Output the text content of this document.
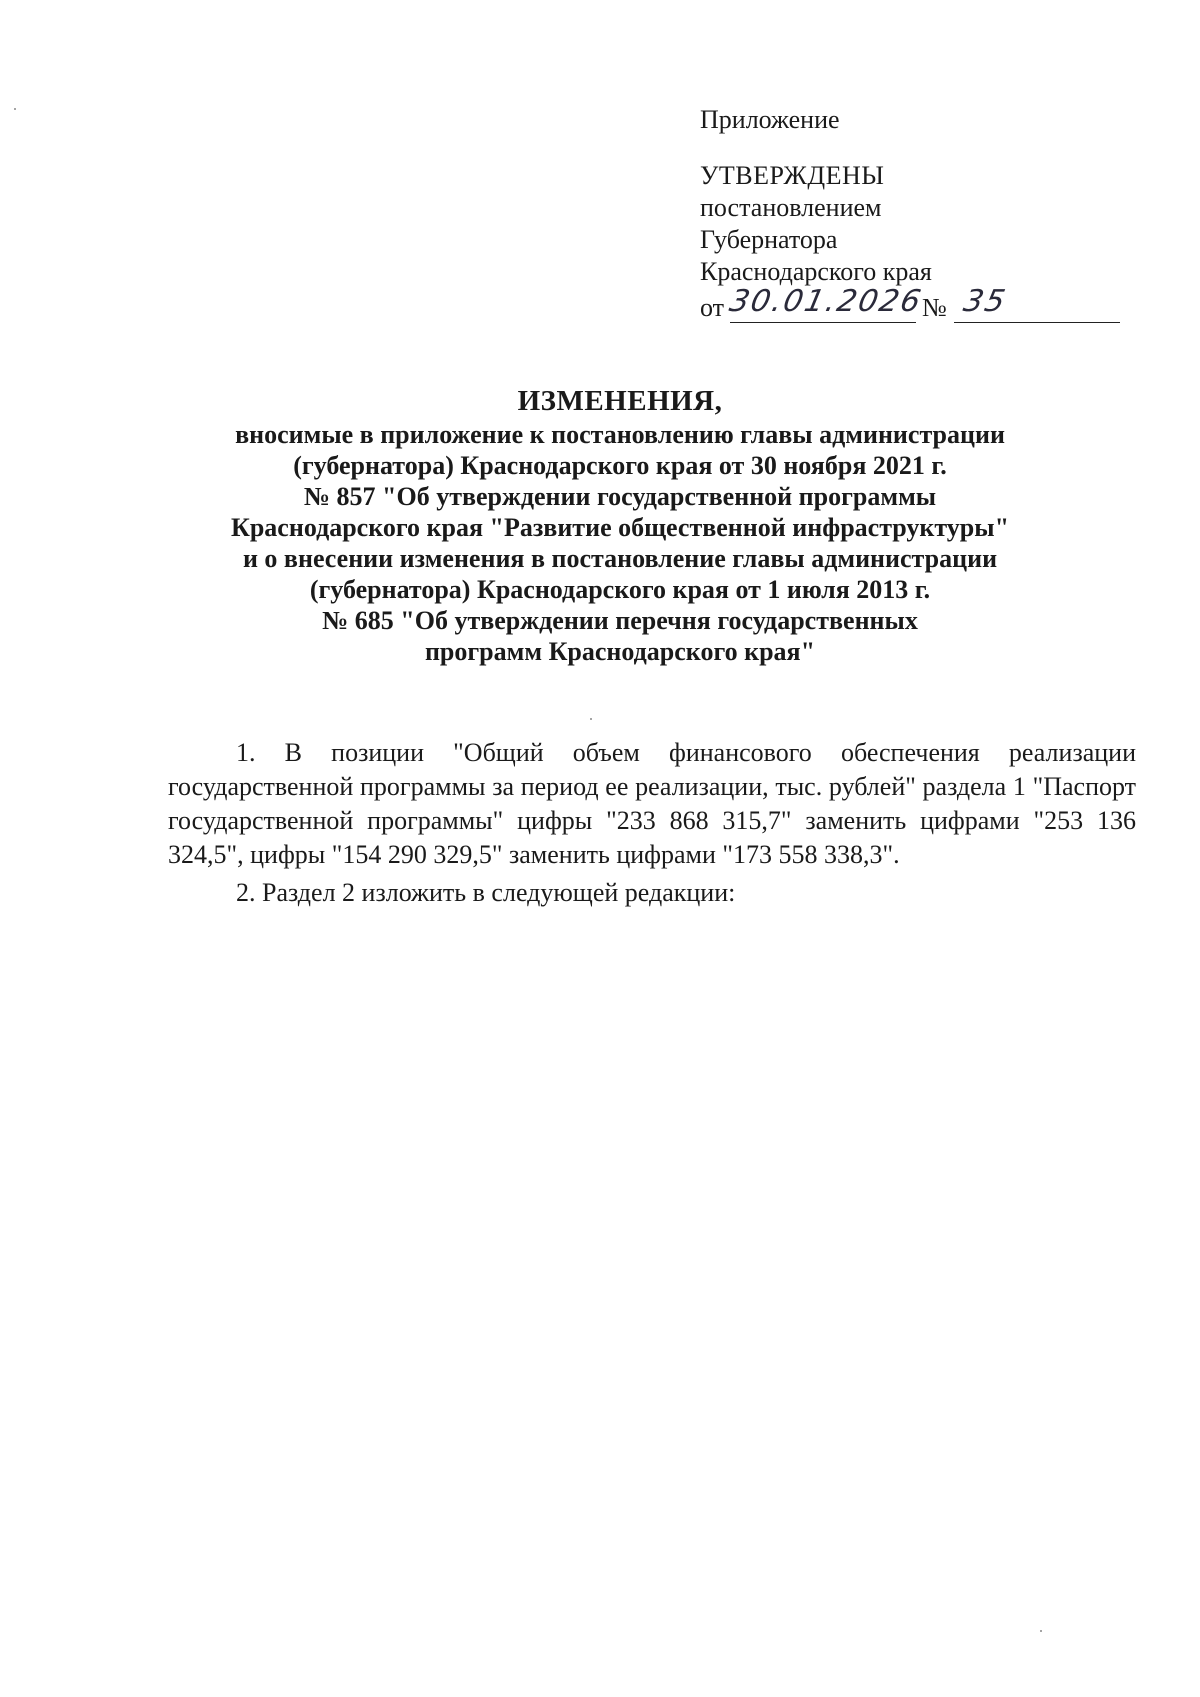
Приложение
УТВЕРЖДЕНЫ
постановлением
Губернатора
Краснодарского края
от 30.01.2026
№ 35
ИЗМЕНЕНИЯ,
вносимые в приложение к постановлению главы администрации
(губернатора) Краснодарского края от 30 ноября 2021 г.
№ 857 "Об утверждении государственной программы
Краснодарского края "Развитие общественной инфраструктуры"
и о внесении изменения в постановление главы администрации
(губернатора) Краснодарского края от 1 июля 2013 г.
№ 685 "Об утверждении перечня государственных
программ Краснодарского края"

1. В позиции "Общий объем финансового обеспечения реализации государственной программы за период ее реализации, тыс. рублей" раздела 1 "Паспорт государственной программы" цифры "233 868 315,7" заменить цифрами "253 136 324,5", цифры "154 290 329,5" заменить цифрами "173 558 338,3".

2. Раздел 2 изложить в следующей редакции:
